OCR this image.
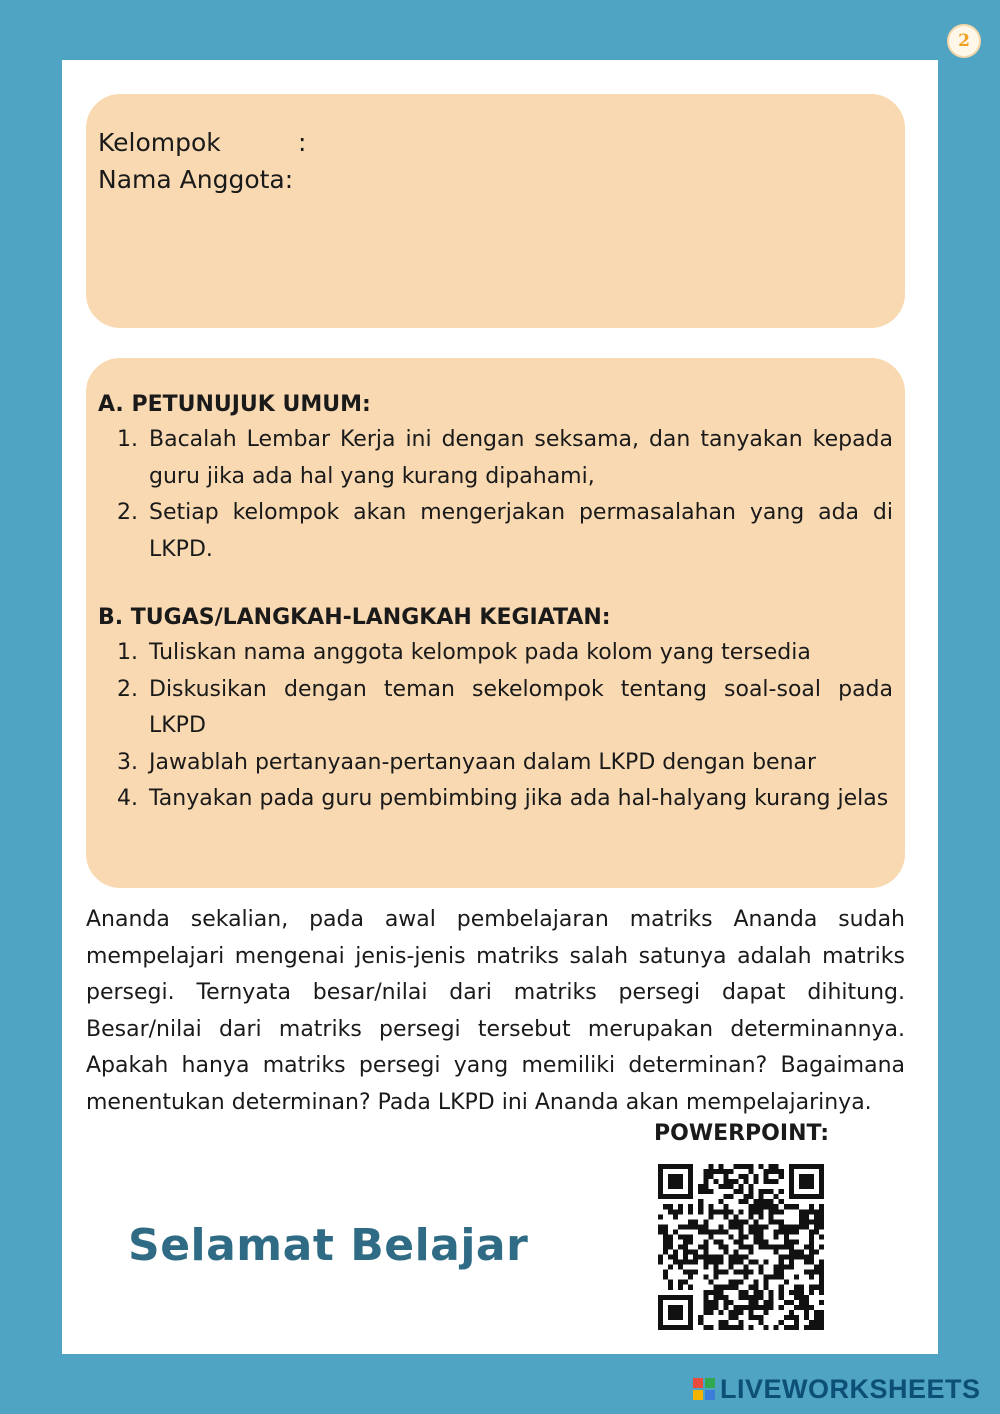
2
Kelompok	:
Nama Anggota:
A. PETUNUJUK UMUM:
1. Bacalah Lembar Kerja ini dengan seksama, dan tanyakan kepada guru jika ada hal yang kurang dipahami,
2. Setiap kelompok akan mengerjakan permasalahan yang ada di LKPD.
B. TUGAS/LANGKAH-LANGKAH KEGIATAN:
1. Tuliskan nama anggota kelompok pada kolom yang tersedia
2. Diskusikan dengan teman sekelompok tentang soal-soal pada LKPD
3. Jawablah pertanyaan-pertanyaan dalam LKPD dengan benar
4. Tanyakan pada guru pembimbing jika ada hal-halyang kurang jelas
Ananda sekalian, pada awal pembelajaran matriks Ananda sudah mempelajari mengenai jenis-jenis matriks salah satunya adalah matriks persegi. Ternyata besar/nilai dari matriks persegi dapat dihitung. Besar/nilai dari matriks persegi tersebut merupakan determinannya. Apakah hanya matriks persegi yang memiliki determinan? Bagaimana menentukan determinan? Pada LKPD ini Ananda akan mempelajarinya.
POWERPOINT:
Selamat Belajar
LIVEWORKSHEETS
